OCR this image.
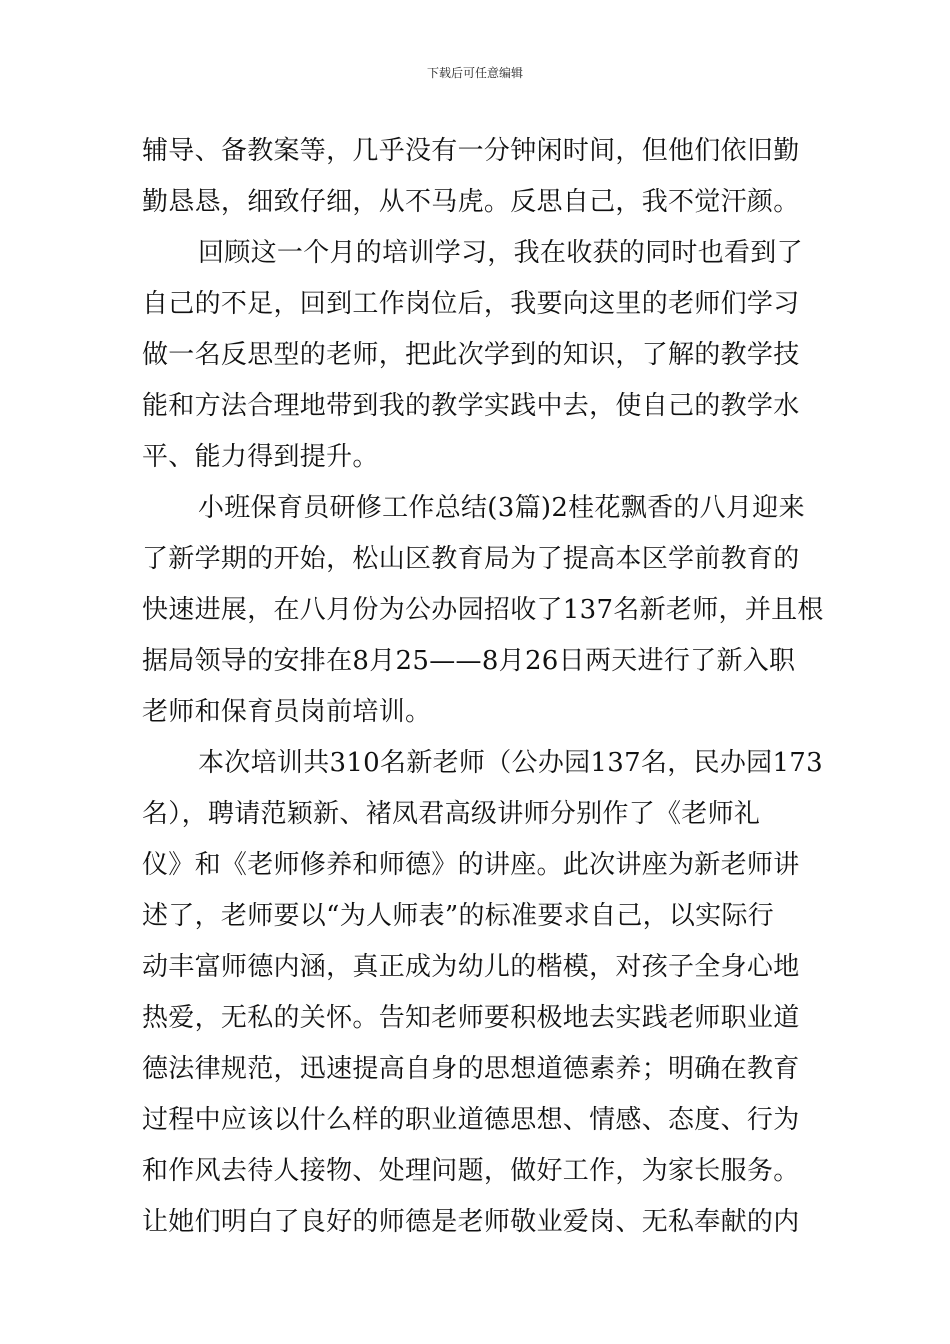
下载后可任意编辑
辅导、备教案等，几乎没有一分钟闲时间，但他们依旧勤
勤恳恳，细致仔细，从不马虎。反思自己，我不觉汗颜。
回顾这一个月的培训学习，我在收获的同时也看到了
自己的不足，回到工作岗位后，我要向这里的老师们学习
做一名反思型的老师，把此次学到的知识，了解的教学技
能和方法合理地带到我的教学实践中去，使自己的教学水
平、能力得到提升。
小班保育员研修工作总结(3篇)2桂花飘香的八月迎来
了新学期的开始，松山区教育局为了提高本区学前教育的
快速进展，在八月份为公办园招收了137名新老师，并且根
据局领导的安排在8月25——8月26日两天进行了新入职
老师和保育员岗前培训。
本次培训共310名新老师（公办园137名，民办园173
名），聘请范颖新、褚凤君高级讲师分别作了《老师礼
仪》和《老师修养和师德》的讲座。此次讲座为新老师讲
述了，老师要以“为人师表”的标准要求自己，以实际行
动丰富师德内涵，真正成为幼儿的楷模，对孩子全身心地
热爱，无私的关怀。告知老师要积极地去实践老师职业道
德法律规范，迅速提高自身的思想道德素养；明确在教育
过程中应该以什么样的职业道德思想、情感、态度、行为
和作风去待人接物、处理问题，做好工作，为家长服务。
让她们明白了良好的师德是老师敬业爱岗、无私奉献的内
